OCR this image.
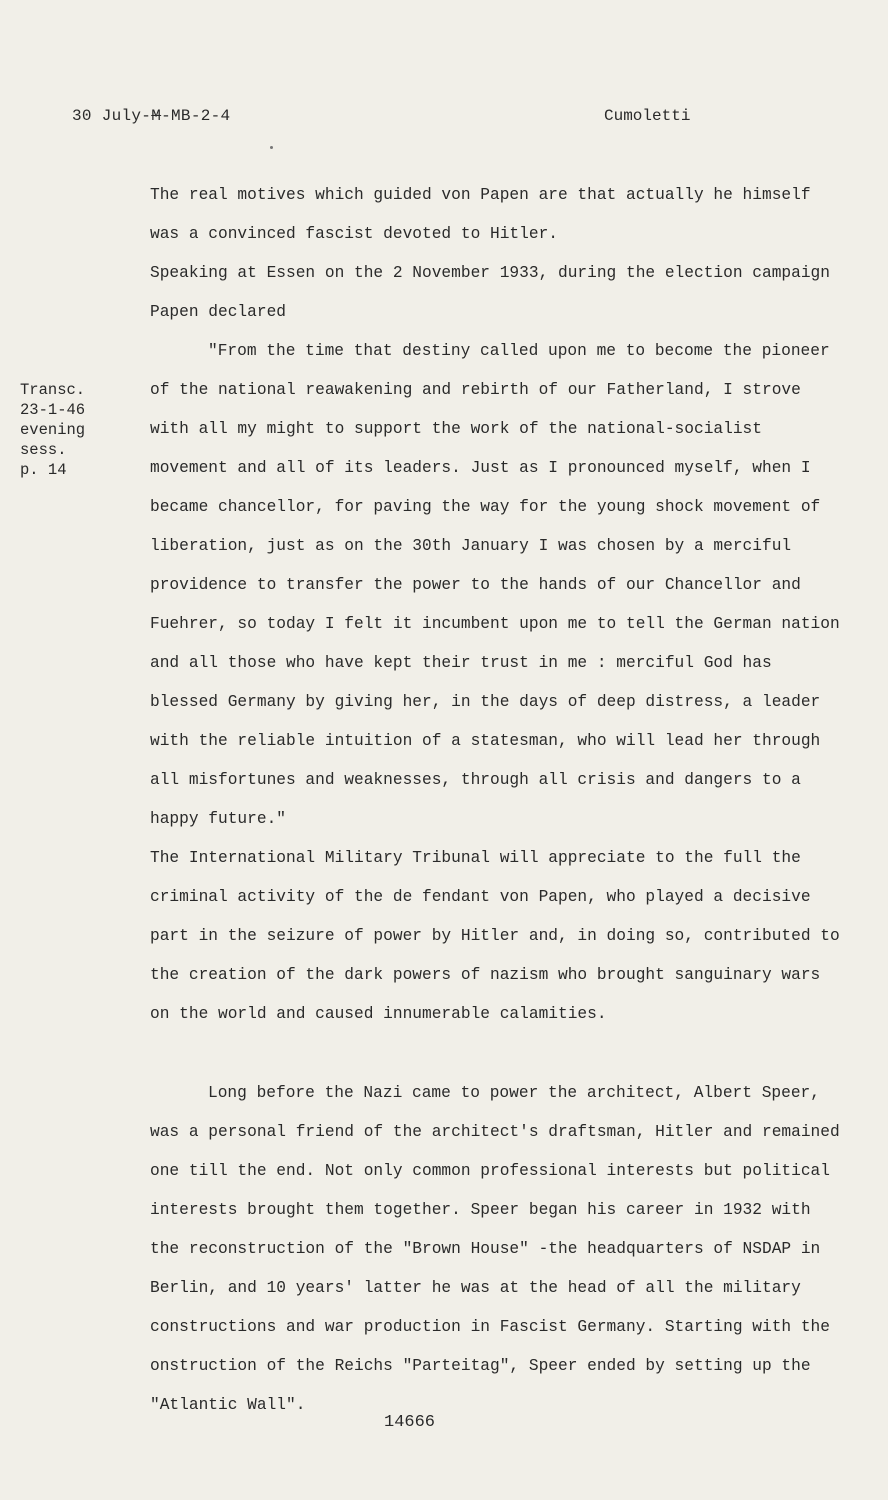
30 July-M-MB-2-4	Cumoletti
Transc.
23-1-46
evening
sess.
p. 14

The real motives which guided von Papen are that actually he himself was a convinced fascist devoted to Hitler.

Speaking at Essen on the 2 November 1933, during the election campaign Papen declared

"From the time that destiny called upon me to become the pioneer of the national reawakening and rebirth of our Fatherland, I strove with all my might to support the work of the national-socialist movement and all of its leaders. Just as I pronounced myself, when I became chancellor, for paving the way for the young shock movement of liberation, just as on the 30th January I was chosen by a merciful providence to transfer the power to the hands of our Chancellor and Fuehrer, so today I felt it incumbent upon me to tell the German nation and all those who have kept their trust in me : merciful God has blessed Germany by giving her, in the days of deep distress, a leader with the reliable intuition of a statesman, who will lead her through all misfortunes and weaknesses, through all crisis and dangers to a happy future."

The International Military Tribunal will appreciate to the full the criminal activity of the de fendant von Papen, who played a decisive part in the seizure of power by Hitler and, in doing so, contributed to the creation of the dark powers of nazism who brought sanguinary wars on the world and caused innumerable calamities.

Long before the Nazi came to power the architect, Albert Speer, was a personal friend of the architect's draftsman, Hitler and remained one till the end. Not only common professional interests but political interests brought them together. Speer began his career in 1932 with the reconstruction of the "Brown House" -the headquarters of NSDAP in Berlin, and 10 years' latter he was at the head of all the military constructions and war production in Fascist Germany. Starting with the onstruction of the Reichs "Parteitag", Speer ended by setting up the "Atlantic Wall".

14666
